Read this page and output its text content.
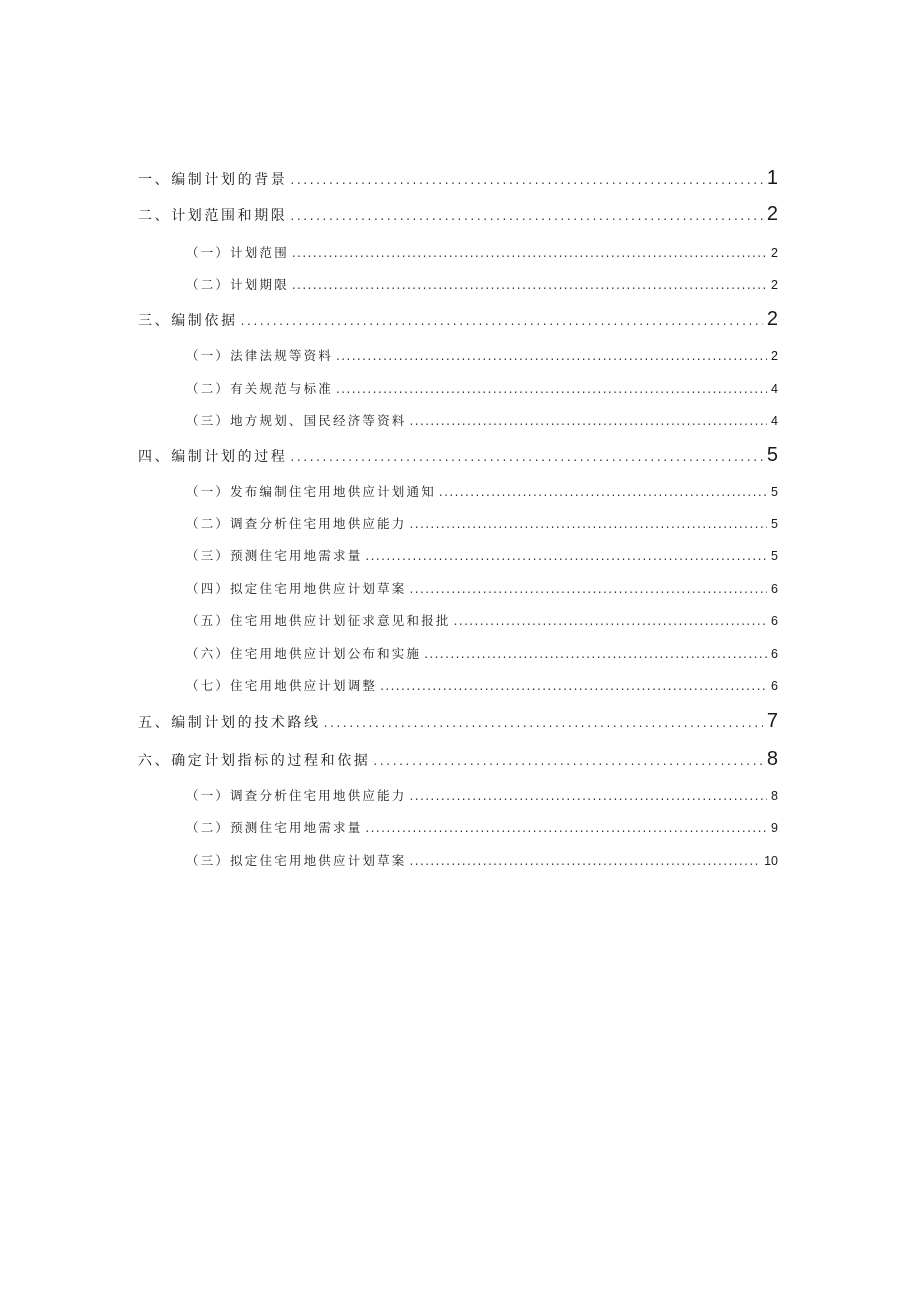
一、编制计划的背景 . . .	1
二、计划范围和期限 . . .	2
（一）计划范围 . . .	2
（二）计划期限 . . .	2
三、编制依据 . . .	2
（一）法律法规等资料 . . .	2
（二）有关规范与标准 . . .	4
（三）地方规划、国民经济等资料 . . .	4
四、编制计划的过程 . . .	5
（一）发布编制住宅用地供应计划通知 . . .	5
（二）调查分析住宅用地供应能力 . . .	5
（三）预测住宅用地需求量 . . .	5
（四）拟定住宅用地供应计划草案 . . .	6
（五）住宅用地供应计划征求意见和报批 . . .	6
（六）住宅用地供应计划公布和实施 . . .	6
（七）住宅用地供应计划调整 . . .	6
五、编制计划的技术路线 . . .	7
六、确定计划指标的过程和依据 . . .	8
（一）调查分析住宅用地供应能力 . . .	8
（二）预测住宅用地需求量 . . .	9
（三）拟定住宅用地供应计划草案 . . .	10
